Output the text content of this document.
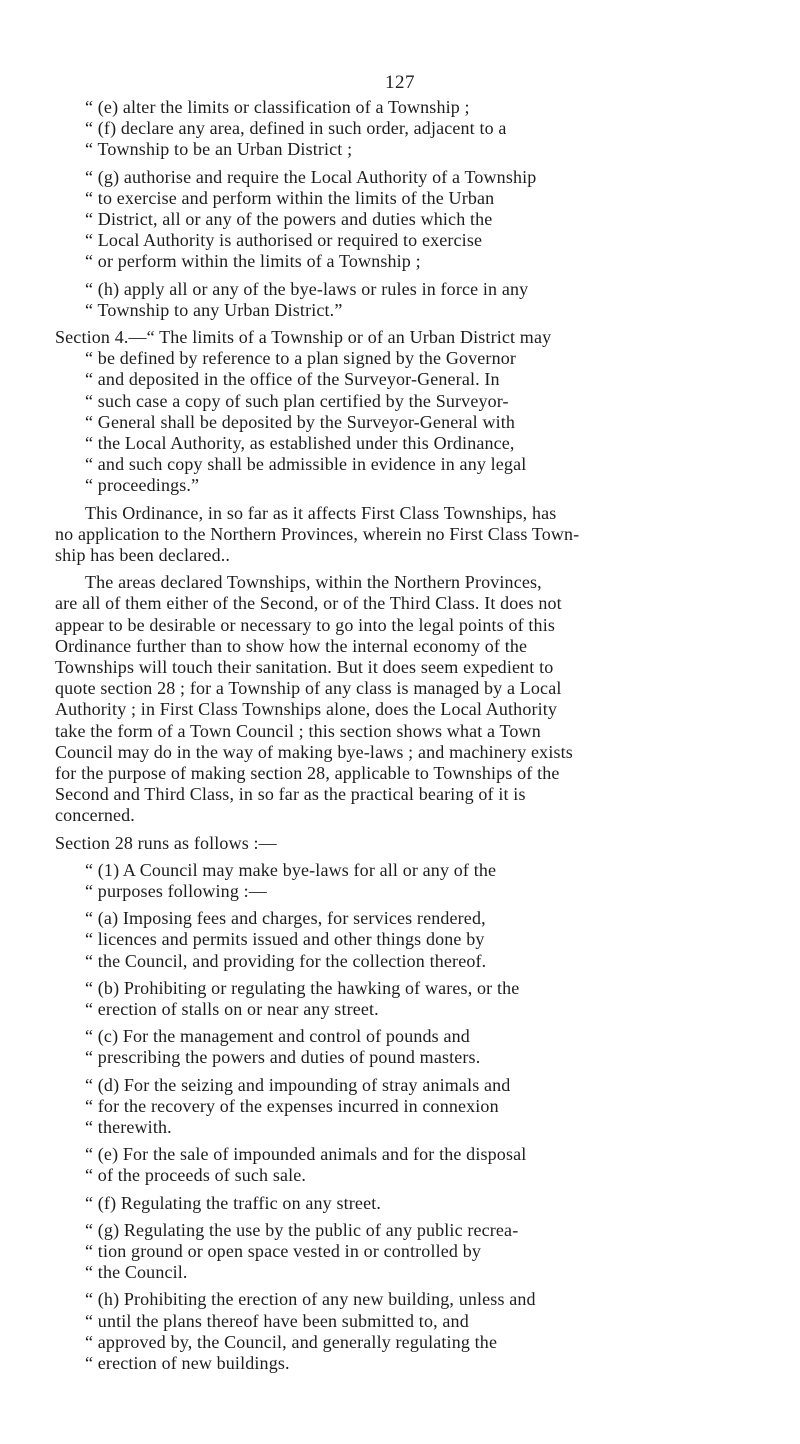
127
“ (e) alter the limits or classification of a Township ;
“ (f) declare any area, defined in such order, adjacent to a
“ Township to be an Urban District ;
“ (g) authorise and require the Local Authority of a Township
“ to exercise and perform within the limits of the Urban
“ District, all or any of the powers and duties which the
“ Local Authority is authorised or required to exercise
“ or perform within the limits of a Township ;
“ (h) apply all or any of the bye-laws or rules in force in any
“ Township to any Urban District.”
Section 4.—“ The limits of a Township or of an Urban District may
“ be defined by reference to a plan signed by the Governor
“ and deposited in the office of the Surveyor-General. In
“ such case a copy of such plan certified by the Surveyor-
“ General shall be deposited by the Surveyor-General with
“ the Local Authority, as established under this Ordinance,
“ and such copy shall be admissible in evidence in any legal
“ proceedings.”
This Ordinance, in so far as it affects First Class Townships, has
no application to the Northern Provinces, wherein no First Class Town-
ship has been declared..
The areas declared Townships, within the Northern Provinces,
are all of them either of the Second, or of the Third Class. It does not
appear to be desirable or necessary to go into the legal points of this
Ordinance further than to show how the internal economy of the
Townships will touch their sanitation. But it does seem expedient to
quote section 28 ; for a Township of any class is managed by a Local
Authority ; in First Class Townships alone, does the Local Authority
take the form of a Town Council ; this section shows what a Town
Council may do in the way of making bye-laws ; and machinery exists
for the purpose of making section 28, applicable to Townships of the
Second and Third Class, in so far as the practical bearing of it is
concerned.
Section 28 runs as follows :—
“ (1) A Council may make bye-laws for all or any of the
“ purposes following :—
“ (a) Imposing fees and charges, for services rendered,
“ licences and permits issued and other things done by
“ the Council, and providing for the collection thereof.
“ (b) Prohibiting or regulating the hawking of wares, or the
“ erection of stalls on or near any street.
“ (c) For the management and control of pounds and
“ prescribing the powers and duties of pound masters.
“ (d) For the seizing and impounding of stray animals and
“ for the recovery of the expenses incurred in connexion
“ therewith.
“ (e) For the sale of impounded animals and for the disposal
“ of the proceeds of such sale.
“ (f) Regulating the traffic on any street.
“ (g) Regulating the use by the public of any public recrea-
“ tion ground or open space vested in or controlled by
“ the Council.
“ (h) Prohibiting the erection of any new building, unless and
“ until the plans thereof have been submitted to, and
“ approved by, the Council, and generally regulating the
“ erection of new buildings.
